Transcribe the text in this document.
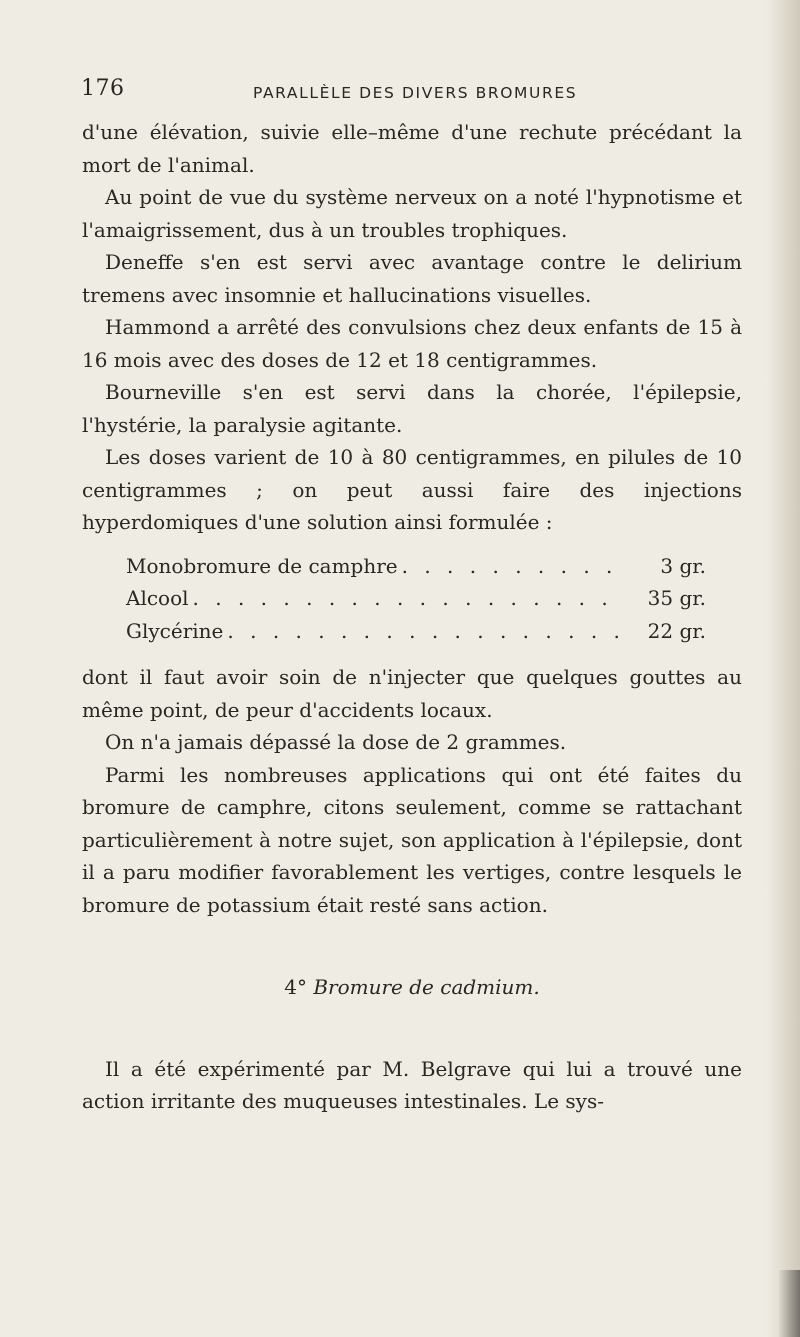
176	PARALLÈLE DES DIVERS BROMURES

d'une élévation, suivie elle–même d'une rechute précédant la mort de l'animal.

Au point de vue du système nerveux on a noté l'hypnotisme et l'amaigrissement, dus à un troubles trophiques.

Deneffe s'en est servi avec avantage contre le delirium tremens avec insomnie et hallucinations visuelles.

Hammond a arrêté des convulsions chez deux enfants de 15 à 16 mois avec des doses de 12 et 18 centigrammes.

Bourneville s'en est servi dans la chorée, l'épilepsie, l'hystérie, la paralysie agitante.

Les doses varient de 10 à 80 centigrammes, en pilules de 10 centigrammes ; on peut aussi faire des injections hyperdomiques d'une solution ainsi formulée :

Monobromure de camphre . . .	3 gr.
Alcool . . .	35 gr.
Glycérine . . .	22 gr.

dont il faut avoir soin de n'injecter que quelques gouttes au même point, de peur d'accidents locaux.

On n'a jamais dépassé la dose de 2 grammes.

Parmi les nombreuses applications qui ont été faites du bromure de camphre, citons seulement, comme se rattachant particulièrement à notre sujet, son application à l'épilepsie, dont il a paru modifier favorablement les vertiges, contre lesquels le bromure de potassium était resté sans action.

4° Bromure de cadmium.

Il a été expérimenté par M. Belgrave qui lui a trouvé une action irritante des muqueuses intestinales. Le sys-
